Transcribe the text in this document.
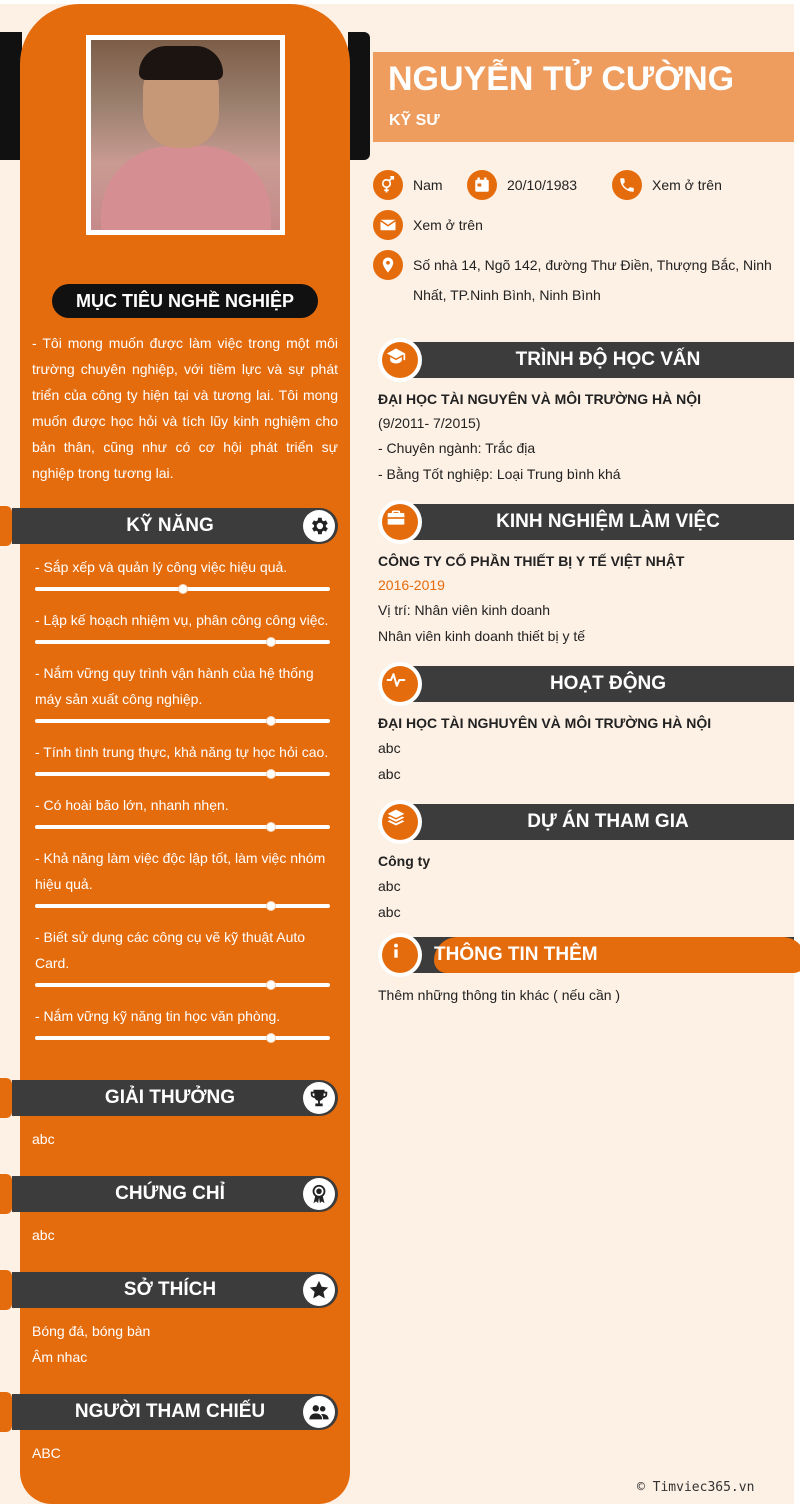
MỤC TIÊU NGHỀ NGHIỆP
- Tôi mong muốn được làm việc trong một môi trường chuyên nghiệp, với tiềm lực và sự phát triển của công ty hiện tại và tương lai. Tôi mong muốn được học hỏi và tích lũy kinh nghiệm cho bản thân, cũng như có cơ hội phát triển sự nghiệp trong tương lai.
KỸ NĂNG
- Sắp xếp và quản lý công việc hiệu quả.
- Lập kế hoạch nhiệm vụ, phân công công việc.
- Nắm vững quy trình vận hành của hệ thống máy sản xuất công nghiệp.
- Tính tình trung thực, khả năng tự học hỏi cao.
- Có hoài bão lớn, nhanh nhẹn.
- Khả năng làm việc độc lập tốt, làm việc nhóm hiệu quả.
- Biết sử dụng các công cụ vẽ kỹ thuật Auto Card.
- Nắm vững kỹ năng tin học văn phòng.
GIẢI THƯỞNG
abc
CHỨNG CHỈ
abc
SỞ THÍCH
Bóng đá, bóng bàn
Âm nhac
NGƯỜI THAM CHIẾU
ABC
NGUYỄN TỬ CƯỜNG
KỸ SƯ
Nam	20/10/1983	Xem ở trên
Xem ở trên
Số nhà 14, Ngõ 142, đường Thư Điền, Thượng Bắc, Ninh
Nhất, TP.Ninh Bình, Ninh Bình
TRÌNH ĐỘ HỌC VẤN
ĐẠI HỌC TÀI NGUYÊN VÀ MÔI TRƯỜNG HÀ NỘI
(9/2011- 7/2015)
- Chuyên ngành: Trắc địa
- Bằng Tốt nghiệp: Loại Trung bình khá
KINH NGHIỆM LÀM VIỆC
CÔNG TY CỔ PHẦN THIẾT BỊ Y TẾ VIỆT NHẬT
2016-2019
Vị trí: Nhân viên kinh doanh
Nhân viên kinh doanh thiết bị y tế
HOẠT ĐỘNG
ĐẠI HỌC TÀI NGHUYÊN VÀ MÔI TRƯỜNG HÀ NỘI
abc
abc
DỰ ÁN THAM GIA
Công ty
abc
abc
THÔNG TIN THÊM
Thêm những thông tin khác ( nếu cần )
© Timviec365.vn
